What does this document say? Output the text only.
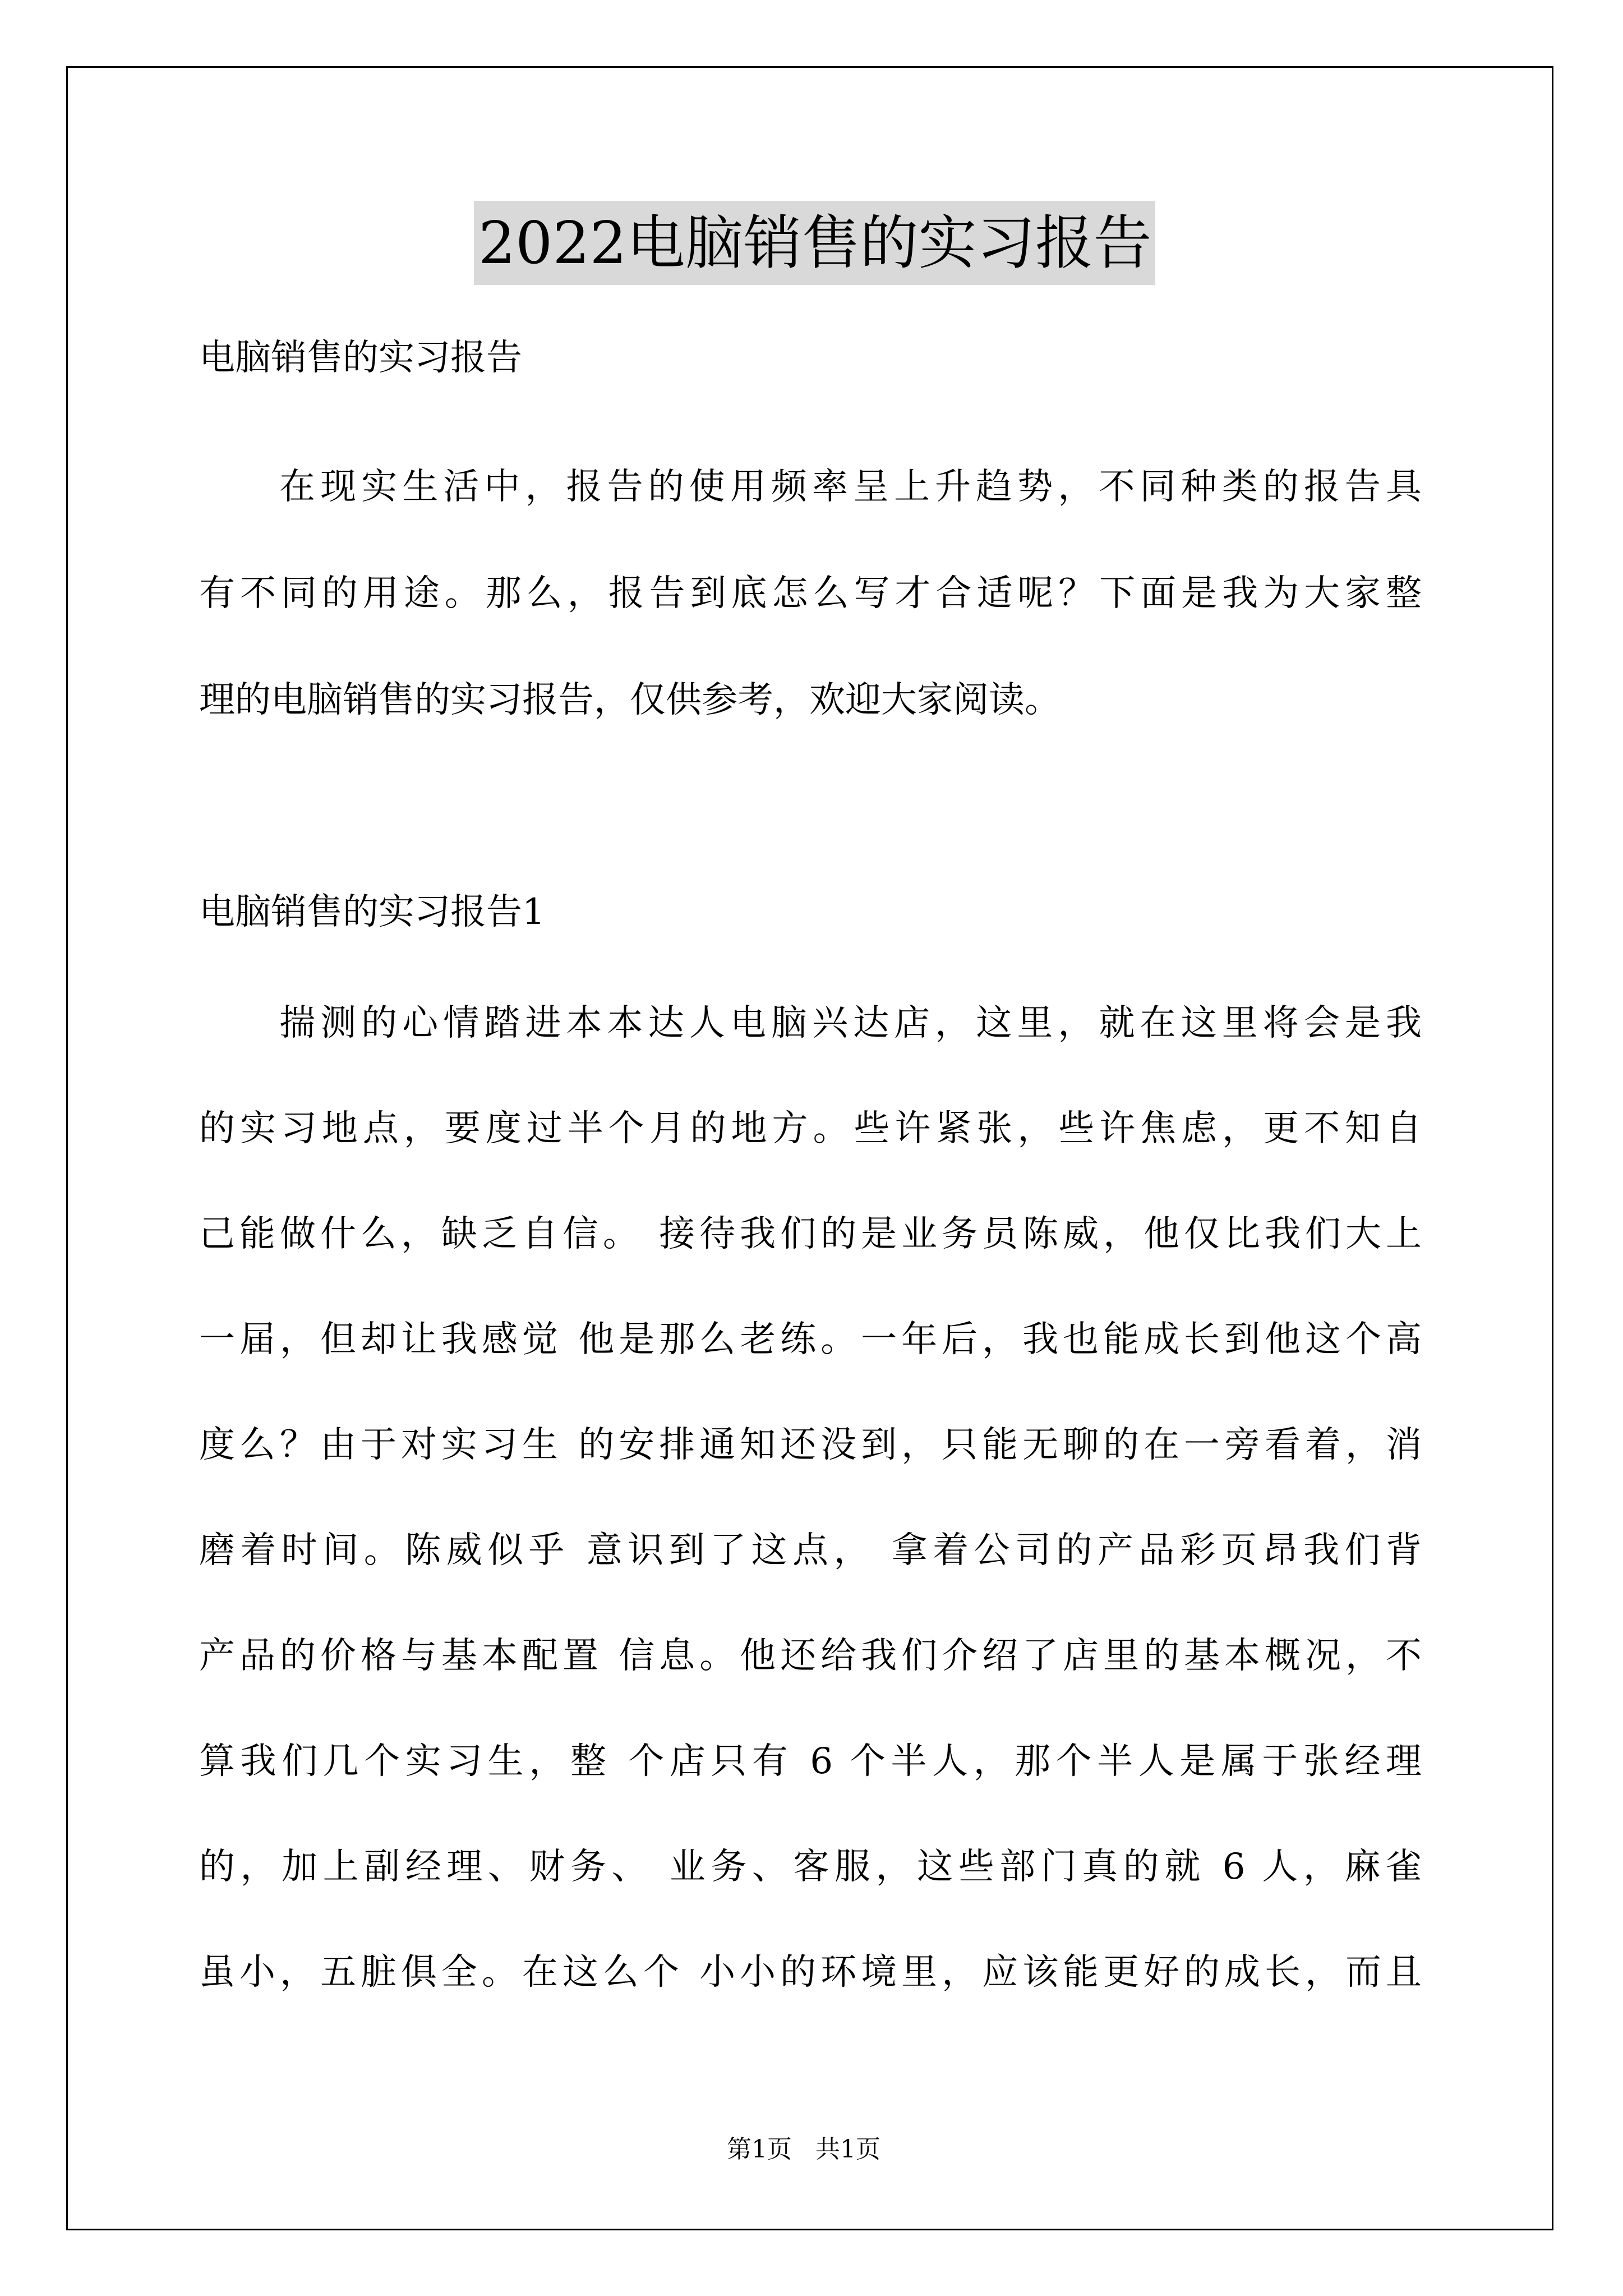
2022电脑销售的实习报告
电脑销售的实习报告
在现实生活中，报告的使用频率呈上升趋势，不同种类的报告具
有不同的用途。那么，报告到底怎么写才合适呢？下面是我为大家整
理的电脑销售的实习报告，仅供参考，欢迎大家阅读。
电脑销售的实习报告1
揣测的心情踏进本本达人电脑兴达店，这里，就在这里将会是我
的实习地点，要度过半个月的地方。些许紧张，些许焦虑，更不知自
己能做什么，缺乏自信。 接待我们的是业务员陈威，他仅比我们大上
一届，但却让我感觉 他是那么老练。一年后，我也能成长到他这个高
度么？由于对实习生 的安排通知还没到，只能无聊的在一旁看着，消
磨着时间。陈威似乎 意识到了这点， 拿着公司的产品彩页昂我们背
产品的价格与基本配置 信息。他还给我们介绍了店里的基本概况，不
算我们几个实习生，整 个店只有 6 个半人，那个半人是属于张经理
的，加上副经理、财务、 业务、客服，这些部门真的就 6 人，麻雀
虽小，五脏俱全。在这么个 小小的环境里，应该能更好的成长，而且
第1页   共1页
